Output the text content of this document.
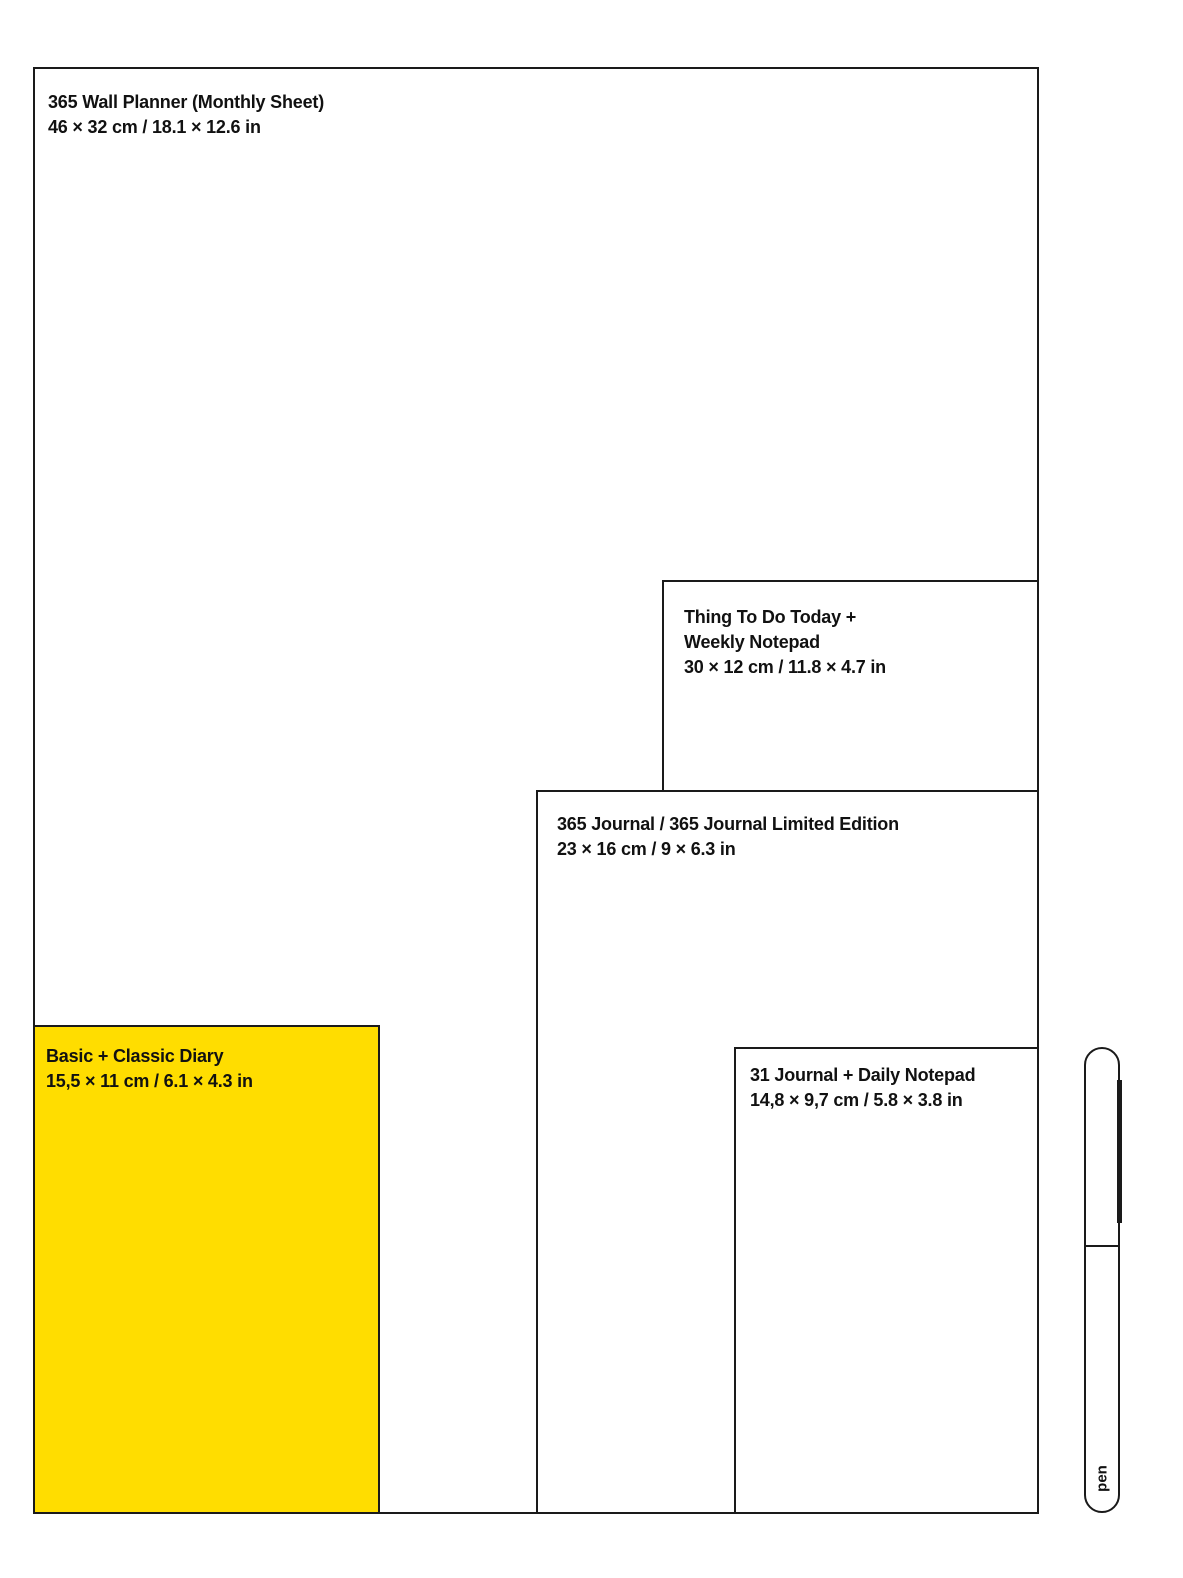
365 Wall Planner (Monthly Sheet)
46 × 32 cm / 18.1 × 12.6 in
Thing To Do Today +
Weekly Notepad
30 × 12 cm / 11.8 × 4.7 in
365 Journal / 365 Journal Limited Edition
23 × 16 cm / 9 × 6.3 in
31 Journal + Daily Notepad
14,8 × 9,7 cm / 5.8 × 3.8 in
Basic + Classic Diary
15,5 × 11 cm / 6.1 × 4.3 in
pen
